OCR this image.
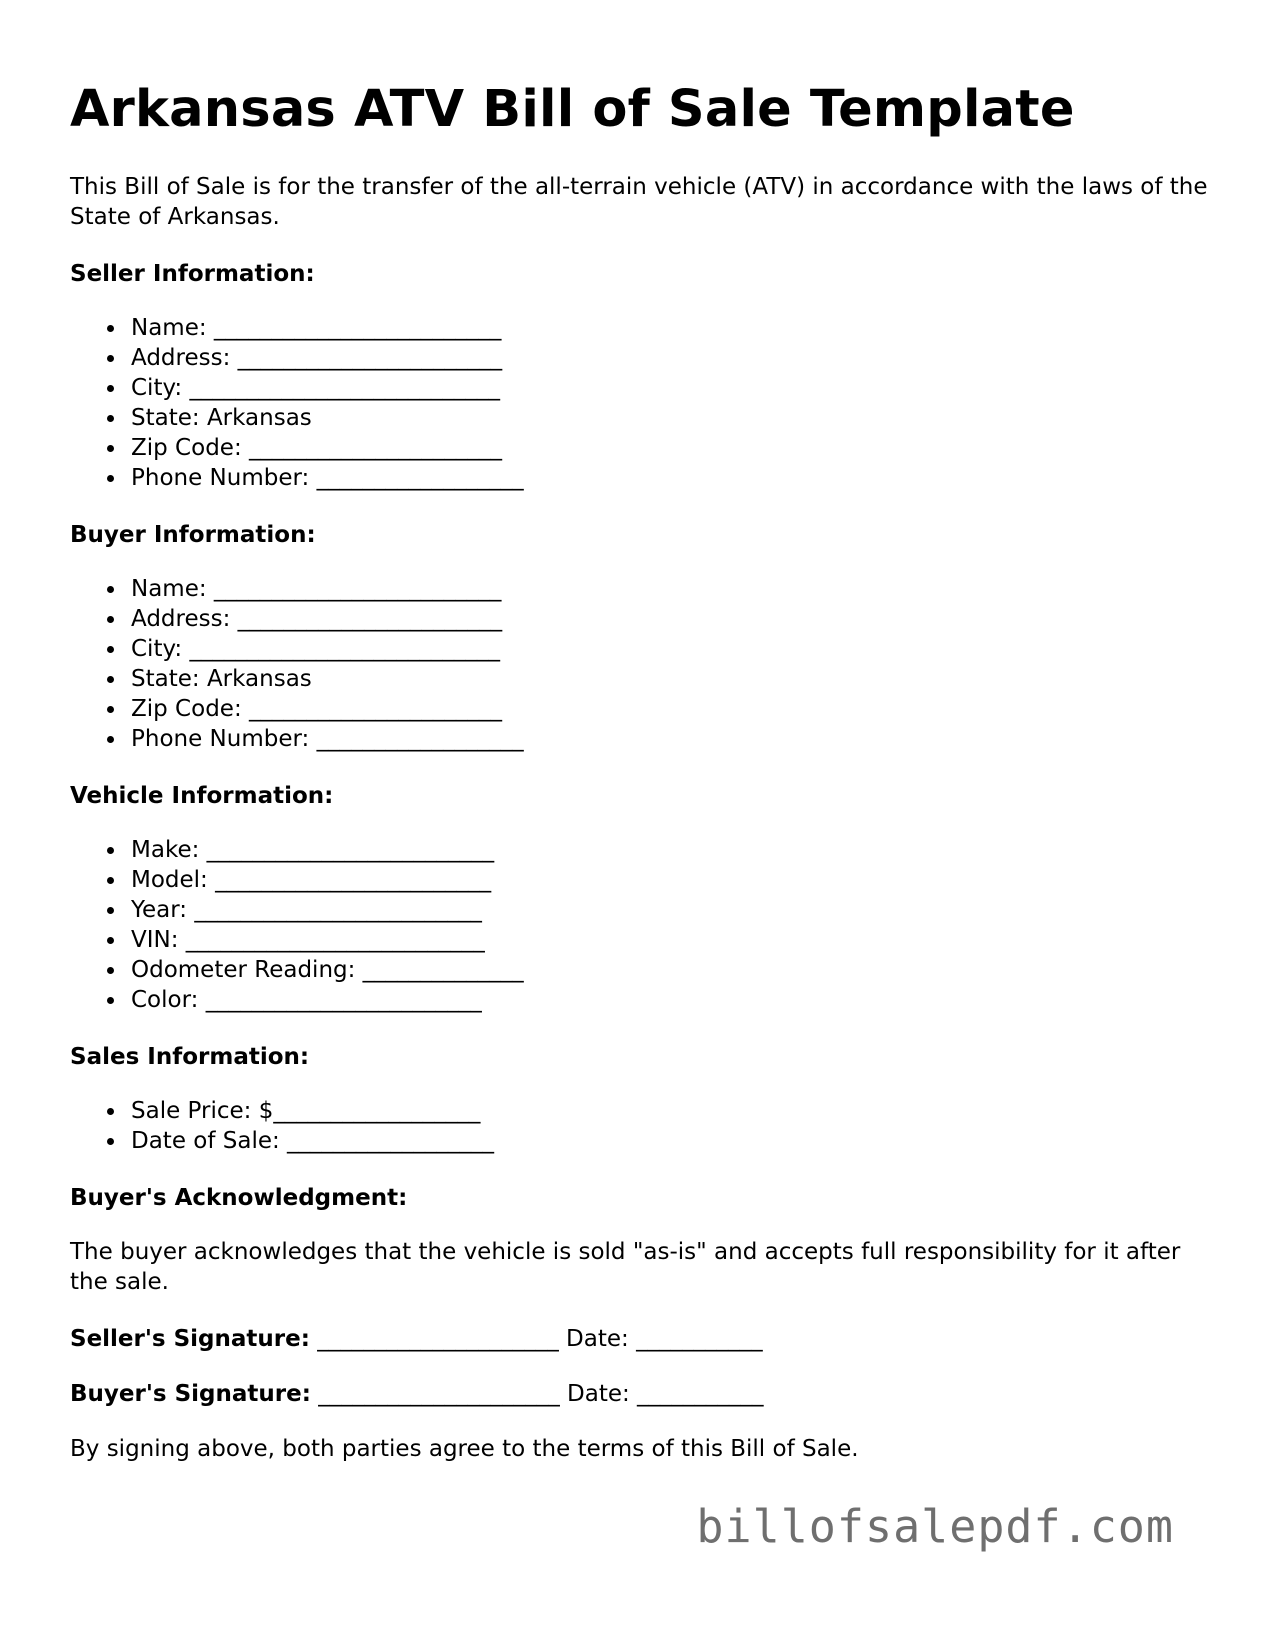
Arkansas ATV Bill of Sale Template

This Bill of Sale is for the transfer of the all-terrain vehicle (ATV) in accordance with the laws of the State of Arkansas.

Seller Information:
Name: _________________________
Address: _______________________
City: ___________________________
State: Arkansas
Zip Code: ______________________
Phone Number: __________________
Buyer Information:
Name: _________________________
Address: _______________________
City: ___________________________
State: Arkansas
Zip Code: ______________________
Phone Number: __________________
Vehicle Information:
Make: _________________________
Model: ________________________
Year: _________________________
VIN: __________________________
Odometer Reading: ______________
Color: ________________________
Sales Information:
Sale Price: $__________________
Date of Sale: __________________
Buyer's Acknowledgment:

The buyer acknowledges that the vehicle is sold "as-is" and accepts full responsibility for it after the sale.

Seller's Signature: _____________________ Date: ___________
Buyer's Signature: _____________________ Date: ___________

By signing above, both parties agree to the terms of this Bill of Sale.

billofsalepdf.com
